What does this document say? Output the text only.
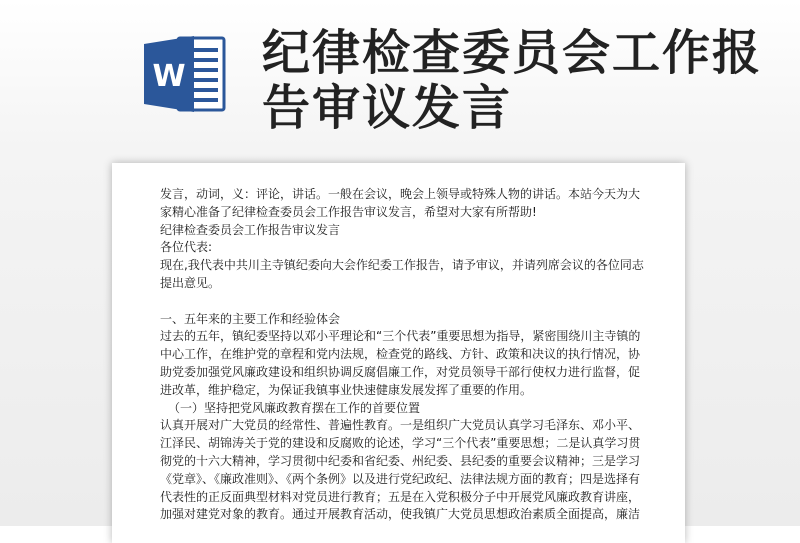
W 纪律检查委员会工作报告审议发言

发言，动词，义：评论，讲话。一般在会议，晚会上领导或特殊人物的讲话。本站今天为大家精心准备了纪律检查委员会工作报告审议发言，希望对大家有所帮助!

纪律检查委员会工作报告审议发言

各位代表:

现在,我代表中共川主寺镇纪委向大会作纪委工作报告，请予审议，并请列席会议的各位同志提出意见。

一、五年来的主要工作和经验体会

过去的五年，镇纪委坚持以邓小平理论和“三个代表”重要思想为指导，紧密围绕川主寺镇的中心工作，在维护党的章程和党内法规，检查党的路线、方针、政策和决议的执行情况，协助党委加强党风廉政建设和组织协调反腐倡廉工作，对党员领导干部行使权力进行监督，促进改革，维护稳定，为保证我镇事业快速健康发展发挥了重要的作用。

（一）坚持把党风廉政教育摆在工作的首要位置

认真开展对广大党员的经常性、普遍性教育。一是组织广大党员认真学习毛泽东、邓小平、江泽民、胡锦涛关于党的建设和反腐败的论述，学习“三个代表”重要思想；二是认真学习贯彻党的十六大精神，学习贯彻中纪委和省纪委、州纪委、县纪委的重要会议精神；三是学习《党章》、《廉政准则》、《两个条例》以及进行党纪政纪、法律法规方面的教育；四是选择有代表性的正反面典型材料对党员进行教育；五是在入党积极分子中开展党风廉政教育讲座，加强对建党对象的教育。通过开展教育活动，使我镇广大党员思想政治素质全面提高，廉洁
